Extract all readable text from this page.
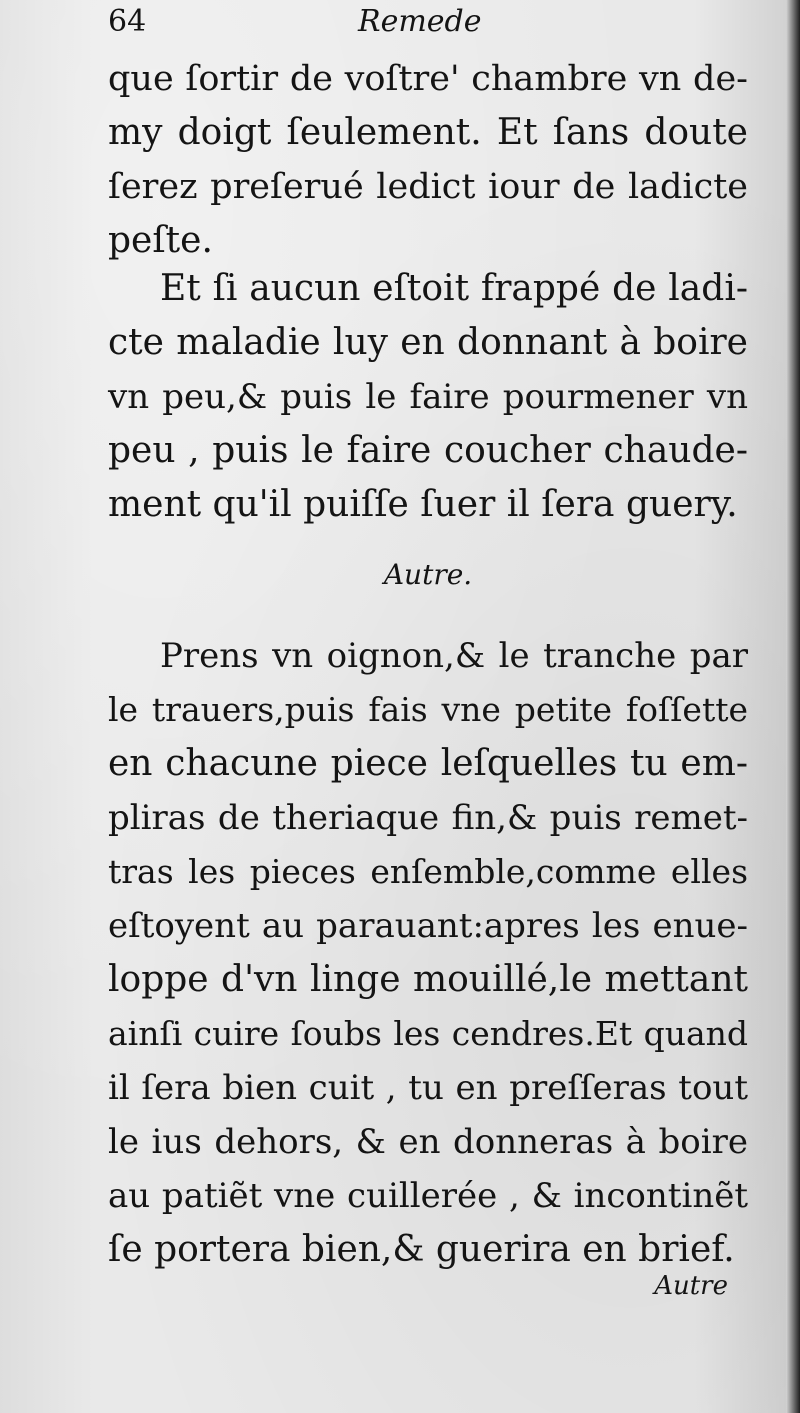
64	Remede
que ſortir de voſtre' chambre vn de-
my doigt ſeulement. Et ſans doute
ſerez preſerué ledict iour de ladicte
peſte.
Et ſi aucun eſtoit frappé de ladi-
cte maladie luy en donnant à boire
vn peu,& puis le faire pourmener vn
peu , puis le faire coucher chaude-
ment qu'il puiſſe ſuer il ſera guery.
Autre.
Prens vn oignon,& le tranche par
le trauers,puis fais vne petite foſſette
en chacune piece leſquelles tu em-
pliras de theriaque fin,& puis remet-
tras les pieces enſemble,comme elles
eſtoyent au parauant:apres les enue-
loppe d'vn linge mouillé,le mettant
ainſi cuire ſoubs les cendres.Et quand
il ſera bien cuit , tu en preſſeras tout
le ius dehors, & en donneras à boire
au patiẽt vne cuillerée , & incontinẽt
ſe portera bien,& guerira en brief.
Autre
